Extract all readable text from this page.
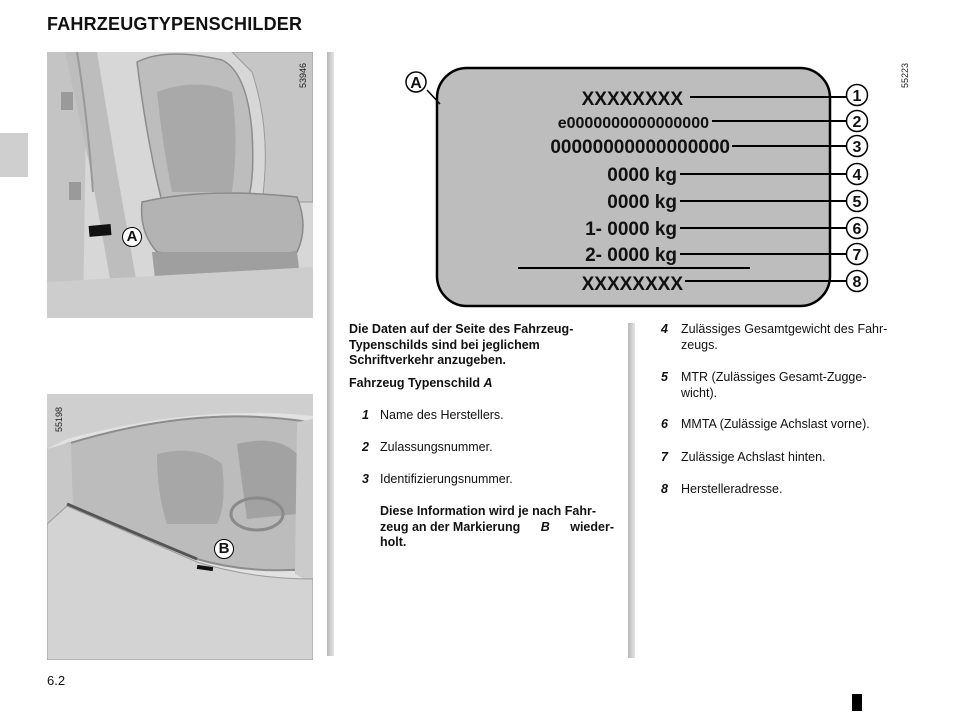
FAHRZEUGTYPENSCHILDER
A
53946
B
55198
A
XXXXXXXX
e0000000000000000
00000000000000000
0000 kg
0000 kg
1- 0000 kg
2- 0000 kg
XXXXXXXX
1
2
3
4
5
6
7
8
55223
Die Daten auf der Seite des Fahrzeug-
Typenschilds sind bei jeglichem
Schriftverkehr anzugeben.
Fahrzeug Typenschild A
1 Name des Herstellers.
2 Zulassungsnummer.
3 Identifizierungsnummer.
Diese Information wird je nach Fahr-
zeug an der Markierung B wieder-
holt.
4 Zulässiges Gesamtgewicht des Fahr-
zeugs.
5 MTR (Zulässiges Gesamt-Zugge-
wicht).
6 MMTA (Zulässige Achslast vorne).
7 Zulässige Achslast hinten.
8 Herstelleradresse.
6.2
